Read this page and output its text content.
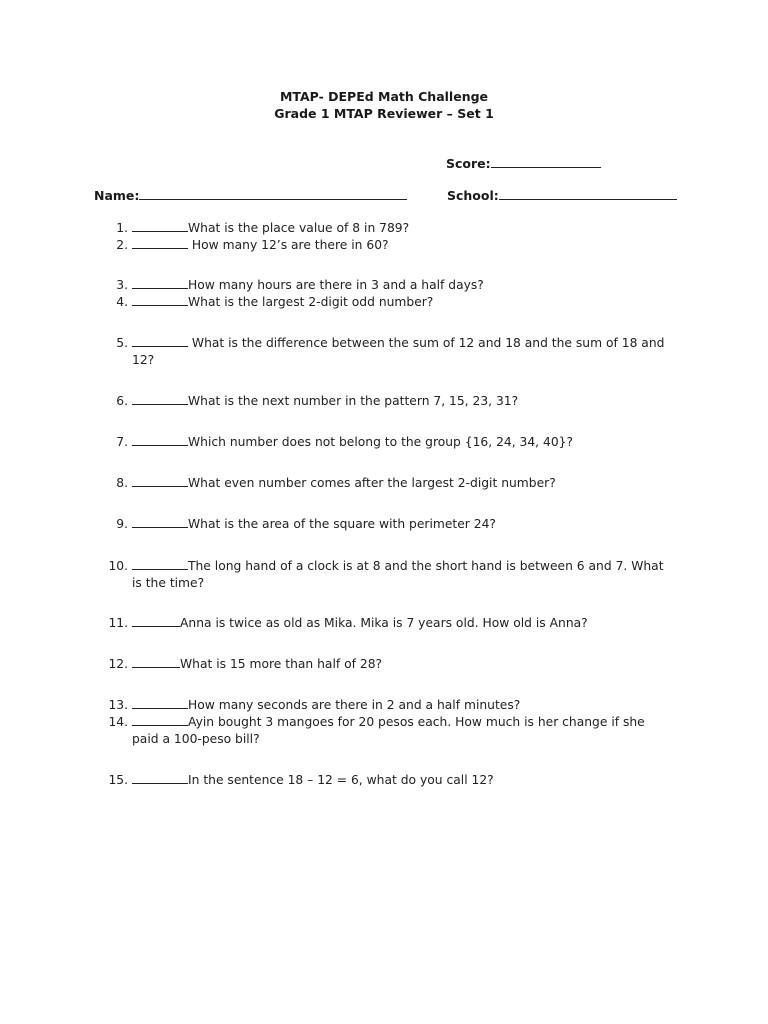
MTAP- DEPEd Math Challenge
Grade 1 MTAP Reviewer – Set 1
Score:
Name:	School:
1.	What is the place value of 8 in 789?
2.	How many 12’s are there in 60?
3.	How many hours are there in 3 and a half days?
4.	What is the largest 2-digit odd number?
5.	What is the difference between the sum of 12 and 18 and the sum of 18 and 12?
6.	What is the next number in the pattern 7, 15, 23, 31?
7.	Which number does not belong to the group {16, 24, 34, 40}?
8.	What even number comes after the largest 2-digit number?
9.	What is the area of the square with perimeter 24?
10.	The long hand of a clock is at 8 and the short hand is between 6 and 7. What is the time?
11.	Anna is twice as old as Mika. Mika is 7 years old. How old is Anna?
12.	What is 15 more than half of 28?
13.	How many seconds are there in 2 and a half minutes?
14.	Ayin bought 3 mangoes for 20 pesos each. How much is her change if she paid a 100-peso bill?
15.	In the sentence 18 – 12 = 6, what do you call 12?
